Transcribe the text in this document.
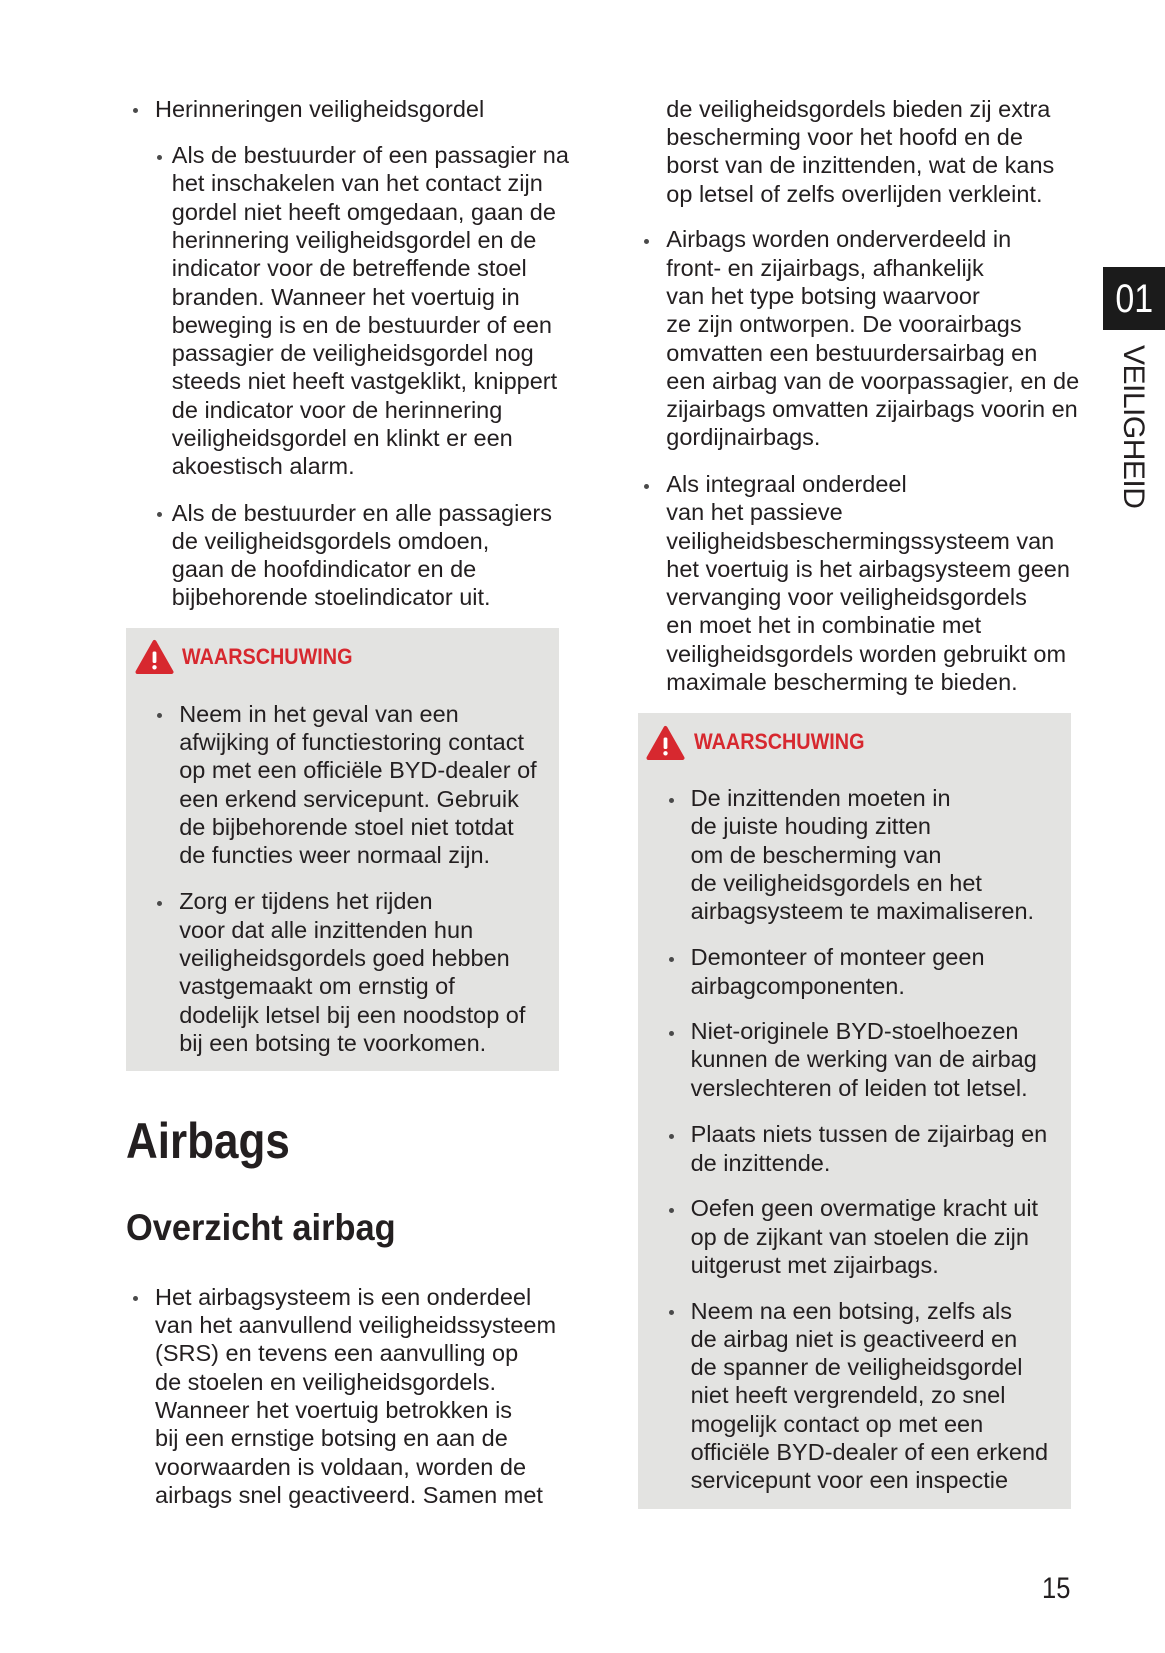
Herinneringen veiligheidsgordel
Als de bestuurder of een passagier na
het inschakelen van het contact zijn
gordel niet heeft omgedaan, gaan de
herinnering veiligheidsgordel en de
indicator voor de betreffende stoel
branden. Wanneer het voertuig in
beweging is en de bestuurder of een
passagier de veiligheidsgordel nog
steeds niet heeft vastgeklikt, knippert
de indicator voor de herinnering
veiligheidsgordel en klinkt er een
akoestisch alarm.
Als de bestuurder en alle passagiers
de veiligheidsgordels omdoen,
gaan de hoofdindicator en de
bijbehorende stoelindicator uit.
WAARSCHUWING
Neem in het geval van een
afwijking of functiestoring contact
op met een officiële BYD-dealer of
een erkend servicepunt. Gebruik
de bijbehorende stoel niet totdat
de functies weer normaal zijn.
Zorg er tijdens het rijden
voor dat alle inzittenden hun
veiligheidsgordels goed hebben
vastgemaakt om ernstig of
dodelijk letsel bij een noodstop of
bij een botsing te voorkomen.
Airbags
Overzicht airbag
Het airbagsysteem is een onderdeel
van het aanvullend veiligheidssysteem
(SRS) en tevens een aanvulling op
de stoelen en veiligheidsgordels.
Wanneer het voertuig betrokken is
bij een ernstige botsing en aan de
voorwaarden is voldaan, worden de
airbags snel geactiveerd. Samen met
de veiligheidsgordels bieden zij extra
bescherming voor het hoofd en de
borst van de inzittenden, wat de kans
op letsel of zelfs overlijden verkleint.
Airbags worden onderverdeeld in
front- en zijairbags, afhankelijk
van het type botsing waarvoor
ze zijn ontworpen. De voorairbags
omvatten een bestuurdersairbag en
een airbag van de voorpassagier, en de
zijairbags omvatten zijairbags voorin en
gordijnairbags.
Als integraal onderdeel
van het passieve
veiligheidsbeschermingssysteem van
het voertuig is het airbagsysteem geen
vervanging voor veiligheidsgordels
en moet het in combinatie met
veiligheidsgordels worden gebruikt om
maximale bescherming te bieden.
WAARSCHUWING
De inzittenden moeten in
de juiste houding zitten
om de bescherming van
de veiligheidsgordels en het
airbagsysteem te maximaliseren.
Demonteer of monteer geen
airbagcomponenten.
Niet-originele BYD-stoelhoezen
kunnen de werking van de airbag
verslechteren of leiden tot letsel.
Plaats niets tussen de zijairbag en
de inzittende.
Oefen geen overmatige kracht uit
op de zijkant van stoelen die zijn
uitgerust met zijairbags.
Neem na een botsing, zelfs als
de airbag niet is geactiveerd en
de spanner de veiligheidsgordel
niet heeft vergrendeld, zo snel
mogelijk contact op met een
officiële BYD-dealer of een erkend
servicepunt voor een inspectie
01
VEILIGHEID
15
